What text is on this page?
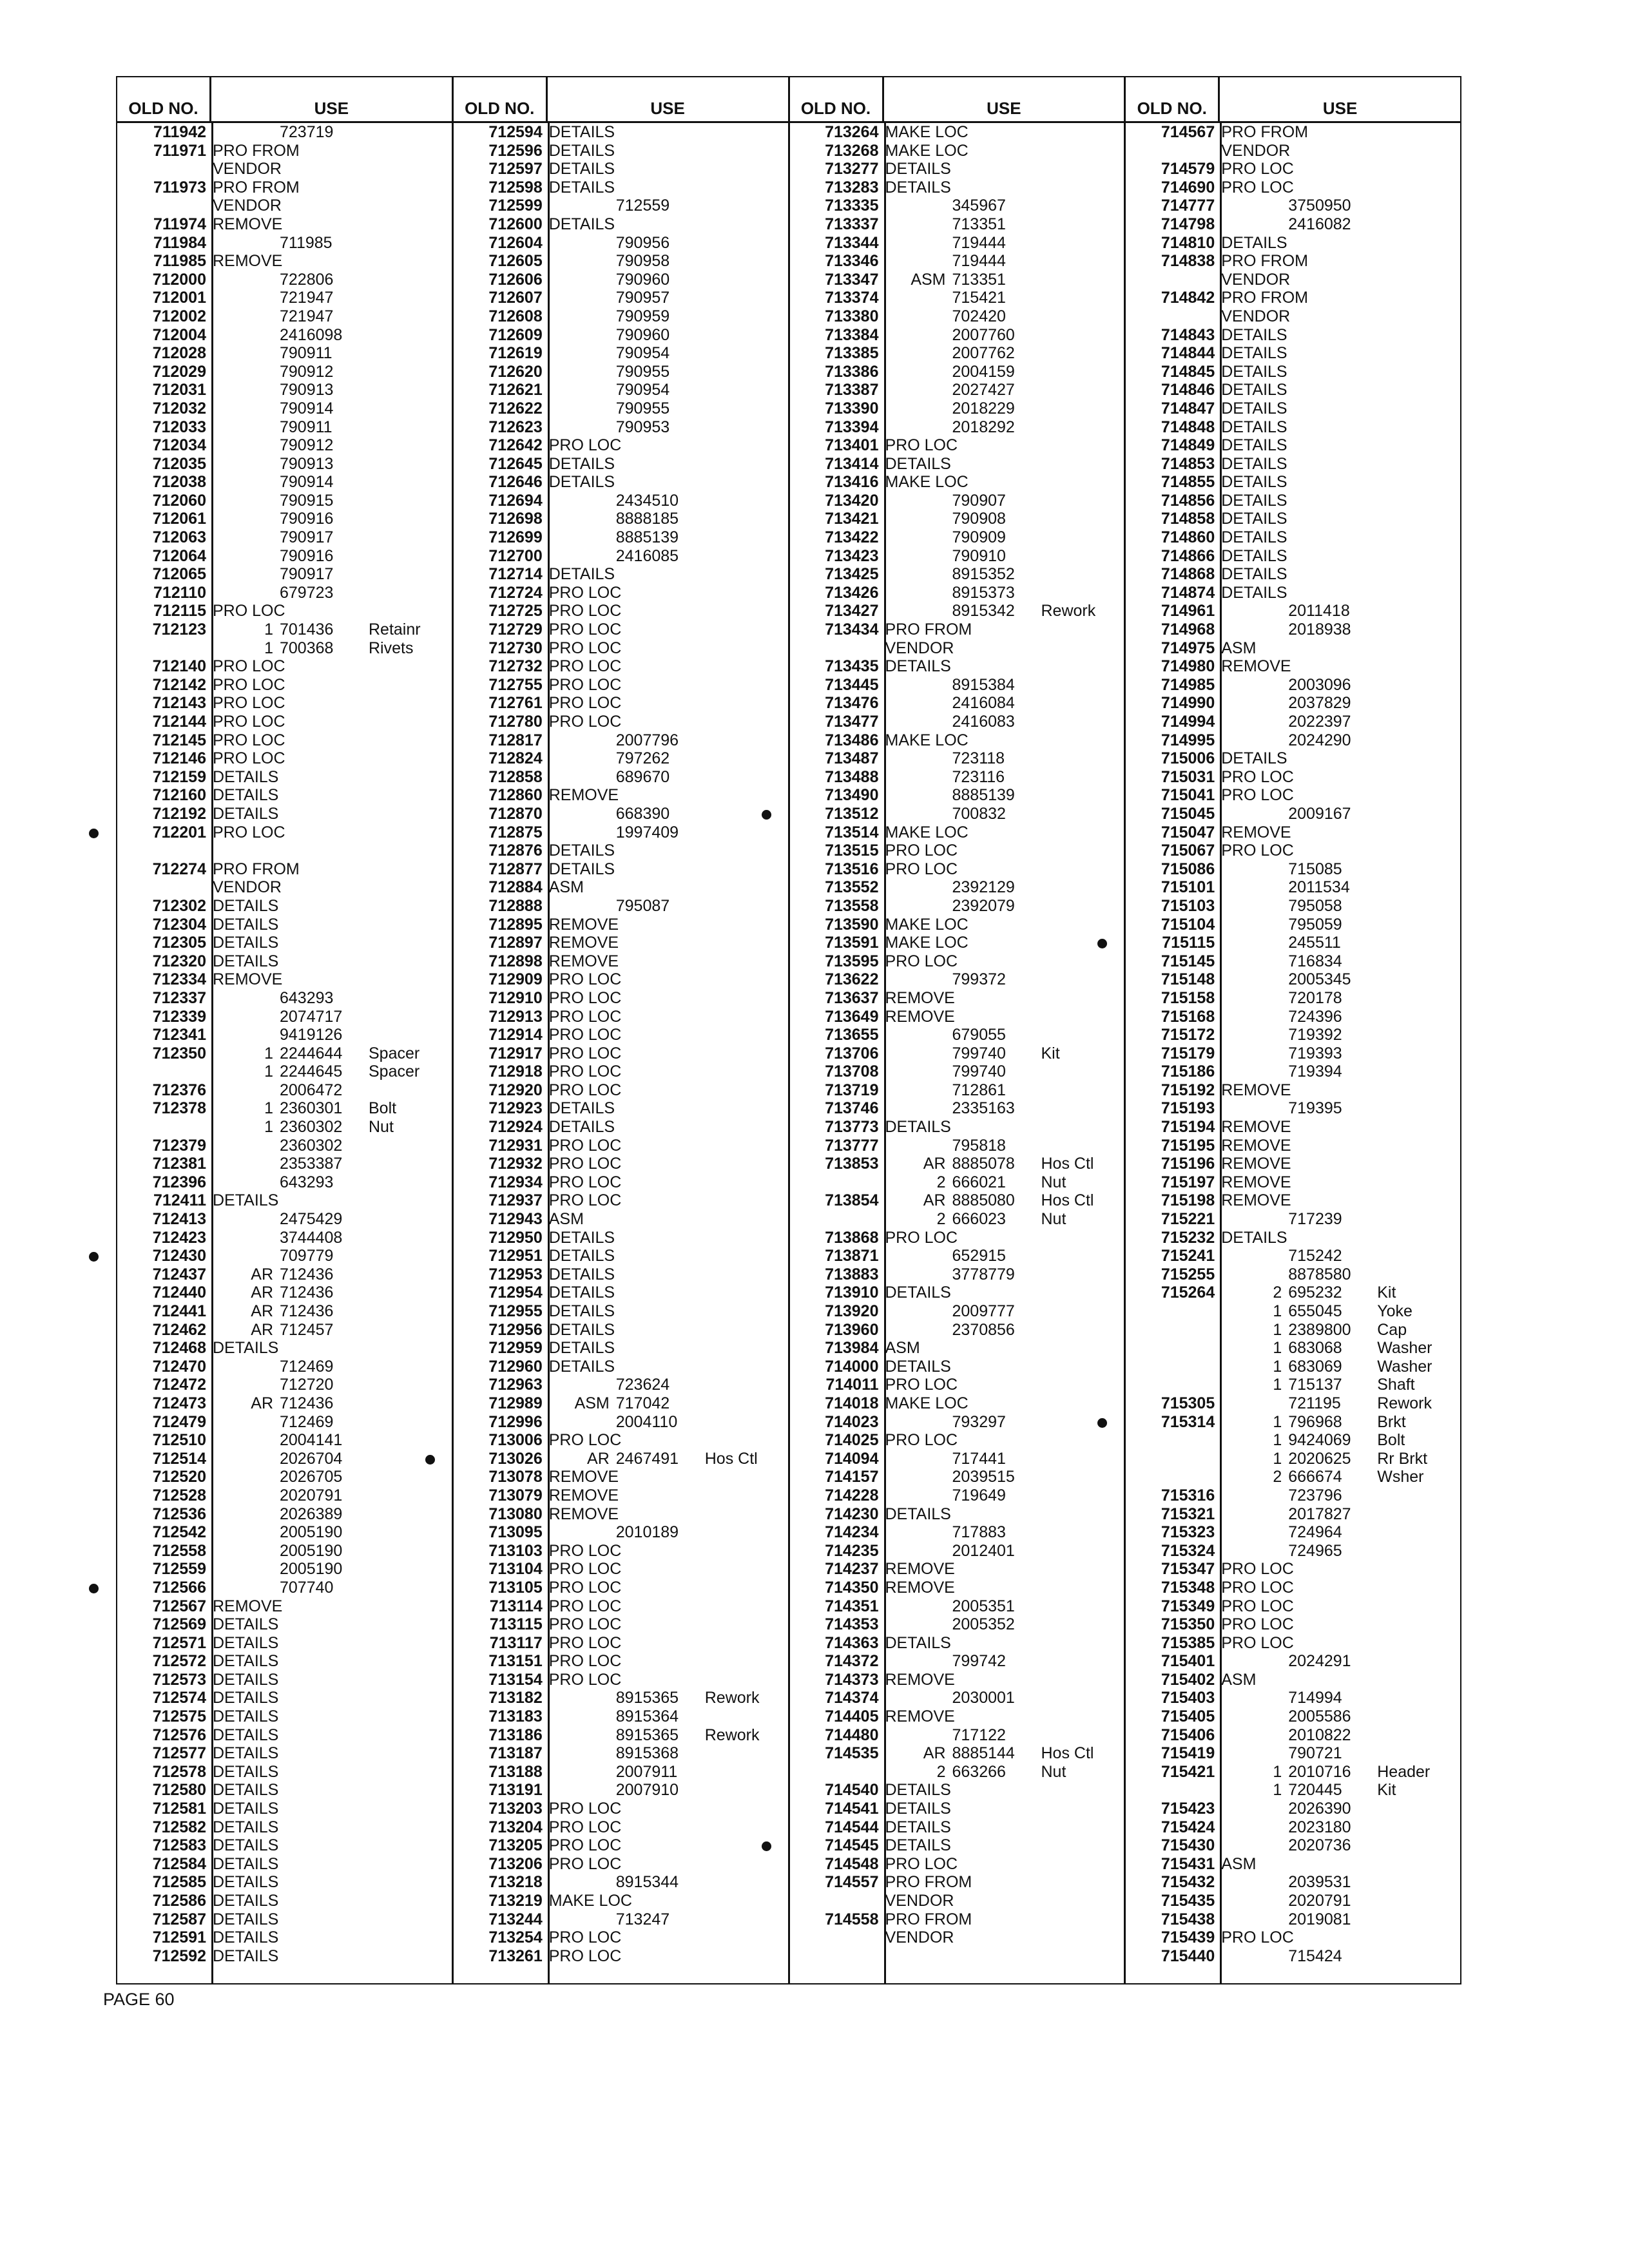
OLD NO.	USE
711942	723719
711971 PRO FROM
VENDOR
711973 PRO FROM
VENDOR
711974 REMOVE
711984	711985
711985 REMOVE
712000	722806
712001	721947
712002	721947
712004	2416098
712028	790911
712029	790912
712031	790913
712032	790914
712033	790911
712034	790912
712035	790913
712038	790914
712060	790915
712061	790916
712063	790917
712064	790916
712065	790917
712110	679723
712115 PRO LOC
712123	1 701436	Retainr
1 700368	Rivets
712140 PRO LOC
712142 PRO LOC
712143 PRO LOC
712144 PRO LOC
712145 PRO LOC
712146 PRO LOC
712159 DETAILS
712160 DETAILS
712192 DETAILS
712201 PRO LOC
712274 PRO FROM
VENDOR
712302 DETAILS
712304 DETAILS
712305 DETAILS
712320 DETAILS
712334 REMOVE
712337	643293
712339	2074717
712341	9419126
712350	1 2244644	Spacer
1 2244645	Spacer
712376	2006472
712378	1 2360301	Bolt
1 2360302	Nut
712379	2360302
712381	2353387
712396	643293
712411 DETAILS
712413	2475429
712423	3744408
712430	709779
712437	AR 712436
712440	AR 712436
712441	AR 712436
712462	AR 712457
712468 DETAILS
712470	712469
712472	712720
712473	AR 712436
712479	712469
712510	2004141
712514	2026704
712520	2026705
712528	2020791
712536	2026389
712542	2005190
712558	2005190
712559	2005190
712566	707740
712567 REMOVE
712569 DETAILS
712571 DETAILS
712572 DETAILS
712573 DETAILS
712574 DETAILS
712575 DETAILS
712576 DETAILS
712577 DETAILS
712578 DETAILS
712580 DETAILS
712581 DETAILS
712582 DETAILS
712583 DETAILS
712584 DETAILS
712585 DETAILS
712586 DETAILS
712587 DETAILS
712591 DETAILS
712592 DETAILS
OLD NO.	USE
712594 DETAILS
712596 DETAILS
712597 DETAILS
712598 DETAILS
712599	712559
712600 DETAILS
712604	790956
712605	790958
712606	790960
712607	790957
712608	790959
712609	790960
712619	790954
712620	790955
712621	790954
712622	790955
712623	790953
712642 PRO LOC
712645 DETAILS
712646 DETAILS
712694	2434510
712698	8888185
712699	8885139
712700	2416085
712714 DETAILS
712724 PRO LOC
712725 PRO LOC
712729 PRO LOC
712730 PRO LOC
712732 PRO LOC
712755 PRO LOC
712761 PRO LOC
712780 PRO LOC
712817	2007796
712824	797262
712858	689670
712860 REMOVE
712870	668390
712875	1997409
712876 DETAILS
712877 DETAILS
712884 ASM
712888	795087
712895 REMOVE
712897 REMOVE
712898 REMOVE
712909 PRO LOC
712910 PRO LOC
712913 PRO LOC
712914 PRO LOC
712917 PRO LOC
712918 PRO LOC
712920 PRO LOC
712923 DETAILS
712924 DETAILS
712931 PRO LOC
712932 PRO LOC
712934 PRO LOC
712937 PRO LOC
712943 ASM
712950 DETAILS
712951 DETAILS
712953 DETAILS
712954 DETAILS
712955 DETAILS
712956 DETAILS
712959 DETAILS
712960 DETAILS
712963	723624
712989	ASM 717042
712996	2004110
713006 PRO LOC
713026	AR 2467491	Hos Ctl
713078 REMOVE
713079 REMOVE
713080 REMOVE
713095	2010189
713103 PRO LOC
713104 PRO LOC
713105 PRO LOC
713114 PRO LOC
713115 PRO LOC
713117 PRO LOC
713151 PRO LOC
713154 PRO LOC
713182	8915365	Rework
713183	8915364
713186	8915365	Rework
713187	8915368
713188	2007911
713191	2007910
713203 PRO LOC
713204 PRO LOC
713205 PRO LOC
713206 PRO LOC
713218	8915344
713219 MAKE LOC
713244	713247
713254 PRO LOC
713261 PRO LOC
OLD NO.	USE
713264 MAKE LOC
713268 MAKE LOC
713277 DETAILS
713283 DETAILS
713335	345967
713337	713351
713344	719444
713346	719444
713347	ASM 713351
713374	715421
713380	702420
713384	2007760
713385	2007762
713386	2004159
713387	2027427
713390	2018229
713394	2018292
713401 PRO LOC
713414 DETAILS
713416 MAKE LOC
713420	790907
713421	790908
713422	790909
713423	790910
713425	8915352
713426	8915373
713427	8915342	Rework
713434 PRO FROM
VENDOR
713435 DETAILS
713445	8915384
713476	2416084
713477	2416083
713486 MAKE LOC
713487	723118
713488	723116
713490	8885139
713512	700832
713514 MAKE LOC
713515 PRO LOC
713516 PRO LOC
713552	2392129
713558	2392079
713590 MAKE LOC
713591 MAKE LOC
713595 PRO LOC
713622	799372
713637 REMOVE
713649 REMOVE
713655	679055
713706	799740	Kit
713708	799740
713719	712861
713746	2335163
713773 DETAILS
713777	795818
713853	AR 8885078	Hos Ctl
2 666021	Nut
713854	AR 8885080	Hos Ctl
2 666023	Nut
713868 PRO LOC
713871	652915
713883	3778779
713910 DETAILS
713920	2009777
713960	2370856
713984 ASM
714000 DETAILS
714011 PRO LOC
714018 MAKE LOC
714023	793297
714025 PRO LOC
714094	717441
714157	2039515
714228	719649
714230 DETAILS
714234	717883
714235	2012401
714237 REMOVE
714350 REMOVE
714351	2005351
714353	2005352
714363 DETAILS
714372	799742
714373 REMOVE
714374	2030001
714405 REMOVE
714480	717122
714535	AR 8885144	Hos Ctl
2 663266	Nut
714540 DETAILS
714541 DETAILS
714544 DETAILS
714545 DETAILS
714548 PRO LOC
714557 PRO FROM
VENDOR
714558 PRO FROM
VENDOR
OLD NO.	USE
714567 PRO FROM
VENDOR
714579 PRO LOC
714690 PRO LOC
714777	3750950
714798	2416082
714810 DETAILS
714838 PRO FROM
VENDOR
714842 PRO FROM
VENDOR
714843 DETAILS
714844 DETAILS
714845 DETAILS
714846 DETAILS
714847 DETAILS
714848 DETAILS
714849 DETAILS
714853 DETAILS
714855 DETAILS
714856 DETAILS
714858 DETAILS
714860 DETAILS
714866 DETAILS
714868 DETAILS
714874 DETAILS
714961	2011418
714968	2018938
714975 ASM
714980 REMOVE
714985	2003096
714990	2037829
714994	2022397
714995	2024290
715006 DETAILS
715031 PRO LOC
715041 PRO LOC
715045	2009167
715047 REMOVE
715067 PRO LOC
715086	715085
715101	2011534
715103	795058
715104	795059
715115	245511
715145	716834
715148	2005345
715158	720178
715168	724396
715172	719392
715179	719393
715186	719394
715192 REMOVE
715193	719395
715194 REMOVE
715195 REMOVE
715196 REMOVE
715197 REMOVE
715198 REMOVE
715221	717239
715232 DETAILS
715241	715242
715255	8878580
715264	2 695232	Kit
1 655045	Yoke
1 2389800	Cap
1 683068	Washer
1 683069	Washer
1 715137	Shaft
715305	721195	Rework
715314	1 796968	Brkt
1 9424069	Bolt
1 2020625	Rr Brkt
2 666674	Wsher
715316	723796
715321	2017827
715323	724964
715324	724965
715347 PRO LOC
715348 PRO LOC
715349 PRO LOC
715350 PRO LOC
715385 PRO LOC
715401	2024291
715402 ASM
715403	714994
715405	2005586
715406	2010822
715419	790721
715421	1 2010716	Header
1 720445	Kit
715423	2026390
715424	2023180
715430	2020736
715431 ASM
715432	2039531
715435	2020791
715438	2019081
715439 PRO LOC
715440	715424
PAGE 60
